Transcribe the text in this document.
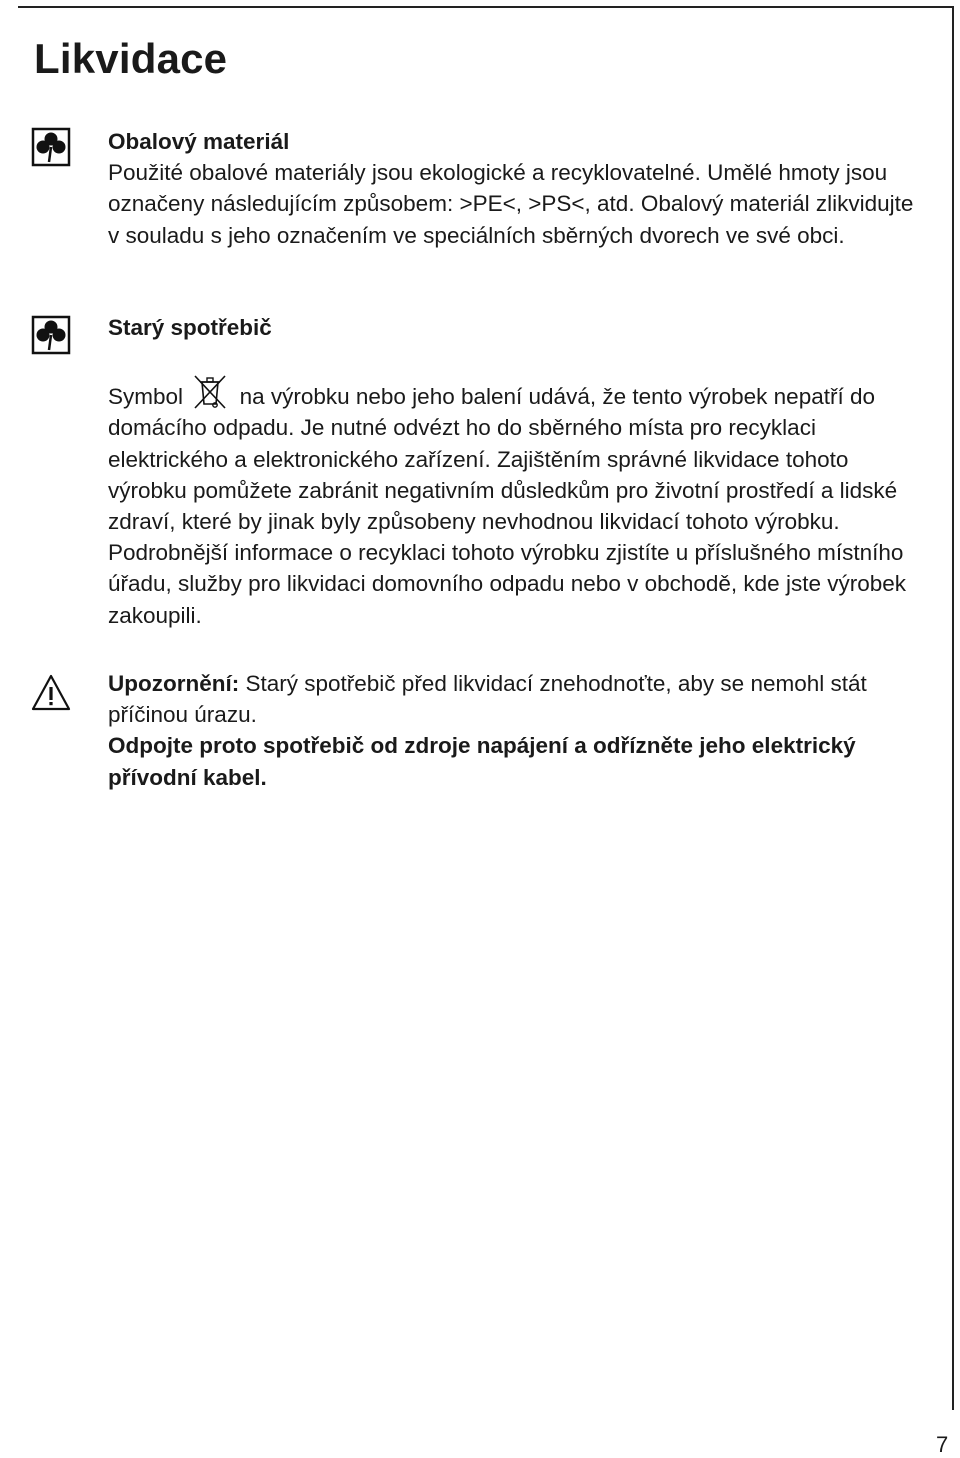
Likvidace

Obalový materiál

Použité obalové materiály jsou ekologické a recyklovatelné. Umělé hmoty jsou označeny následujícím způsobem: >PE<, >PS<, atd. Obalový materiál zlikvidujte v souladu s jeho označením ve speciálních sběrných dvorech ve své obci.

Starý spotřebič

Symbol	na výrobku nebo jeho balení udává, že tento výrobek nepatří do domácího odpadu. Je nutné odvézt ho do sběrného místa pro recyklaci elektrického a elektronického zařízení. Zajištěním správné likvidace tohoto výrobku pomůžete zabránit negativním důsledkům pro životní prostředí a lidské zdraví, které by jinak byly způsobeny nevhodnou likvidací tohoto výrobku. Podrobnější informace o recyklaci tohoto výrobku zjistíte u příslušného místního úřadu, služby pro likvidaci domovního odpadu nebo v obchodě, kde jste výrobek zakoupili.

Upozornění: Starý spotřebič před likvidací znehodnoťte, aby se nemohl stát příčinou úrazu.

Odpojte proto spotřebič od zdroje napájení a odřízněte jeho elektrický přívodní kabel.

7
